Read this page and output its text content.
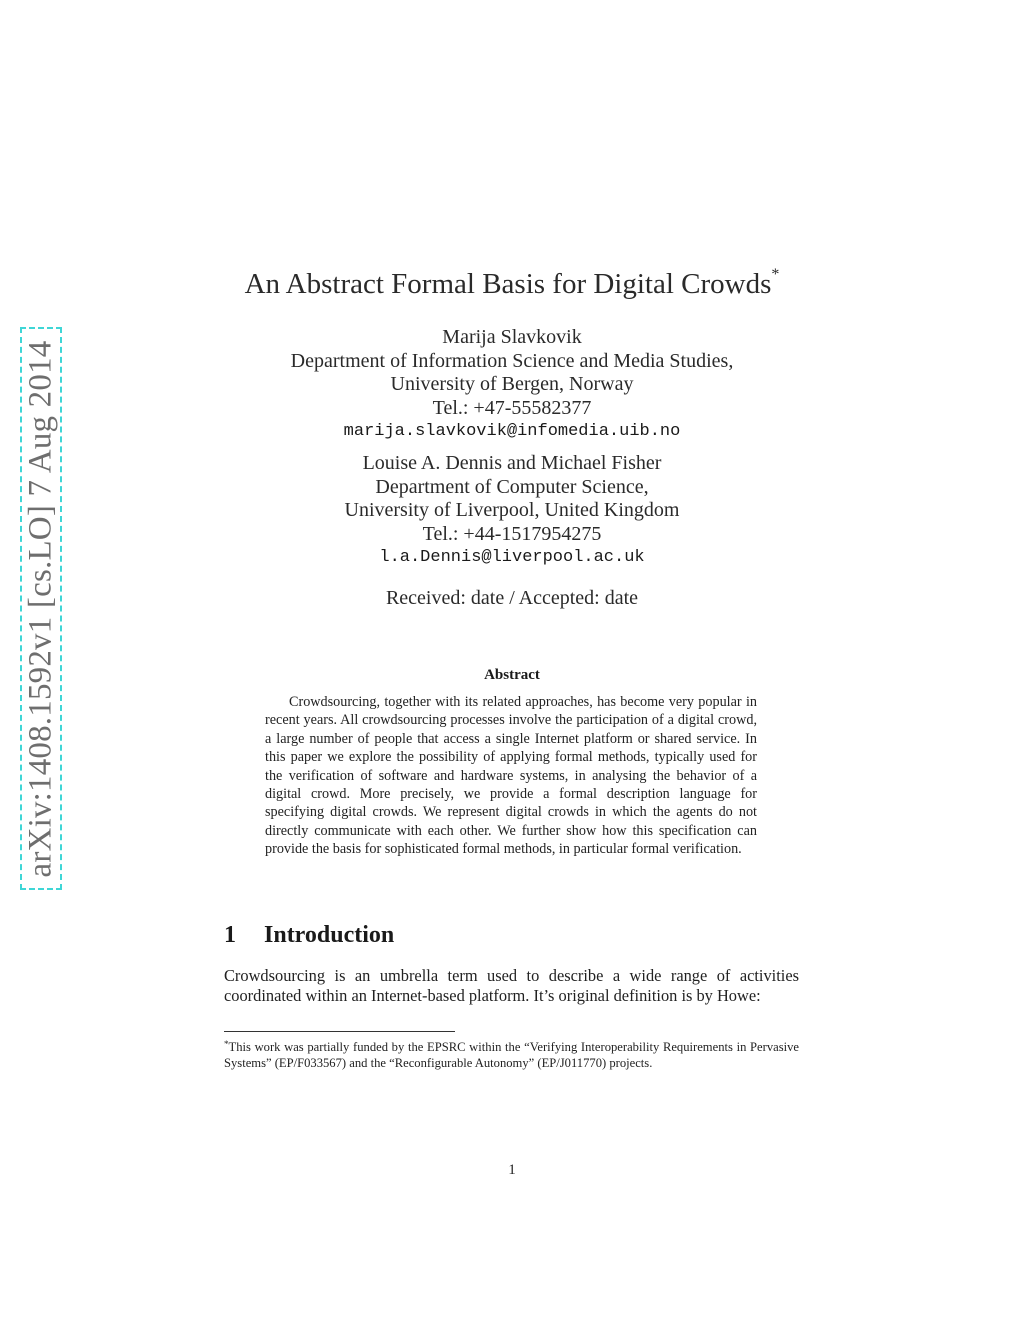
arXiv:1408.1592v1 [cs.LO] 7 Aug 2014
An Abstract Formal Basis for Digital Crowds*
Marija Slavkovik
Department of Information Science and Media Studies,
University of Bergen, Norway
Tel.: +47-55582377
marija.slavkovik@infomedia.uib.no
Louise A. Dennis and Michael Fisher
Department of Computer Science,
University of Liverpool, United Kingdom
Tel.: +44-1517954275
l.a.Dennis@liverpool.ac.uk
Received: date / Accepted: date
Abstract
Crowdsourcing, together with its related approaches, has become very popular in recent years. All crowdsourcing processes involve the participation of a digital crowd, a large number of people that access a single Internet platform or shared service. In this paper we explore the possibility of applying formal methods, typically used for the verification of software and hardware systems, in analysing the behavior of a digital crowd. More precisely, we provide a formal description language for specifying digital crowds. We represent digital crowds in which the agents do not directly communicate with each other. We further show how this specification can provide the basis for sophisticated formal methods, in particular formal verification.
1 Introduction
Crowdsourcing is an umbrella term used to describe a wide range of activities coordinated within an Internet-based platform. It’s original definition is by Howe:
*This work was partially funded by the EPSRC within the “Verifying Interoperability Requirements in Pervasive Systems” (EP/F033567) and the “Reconfigurable Autonomy” (EP/J011770) projects.
1
